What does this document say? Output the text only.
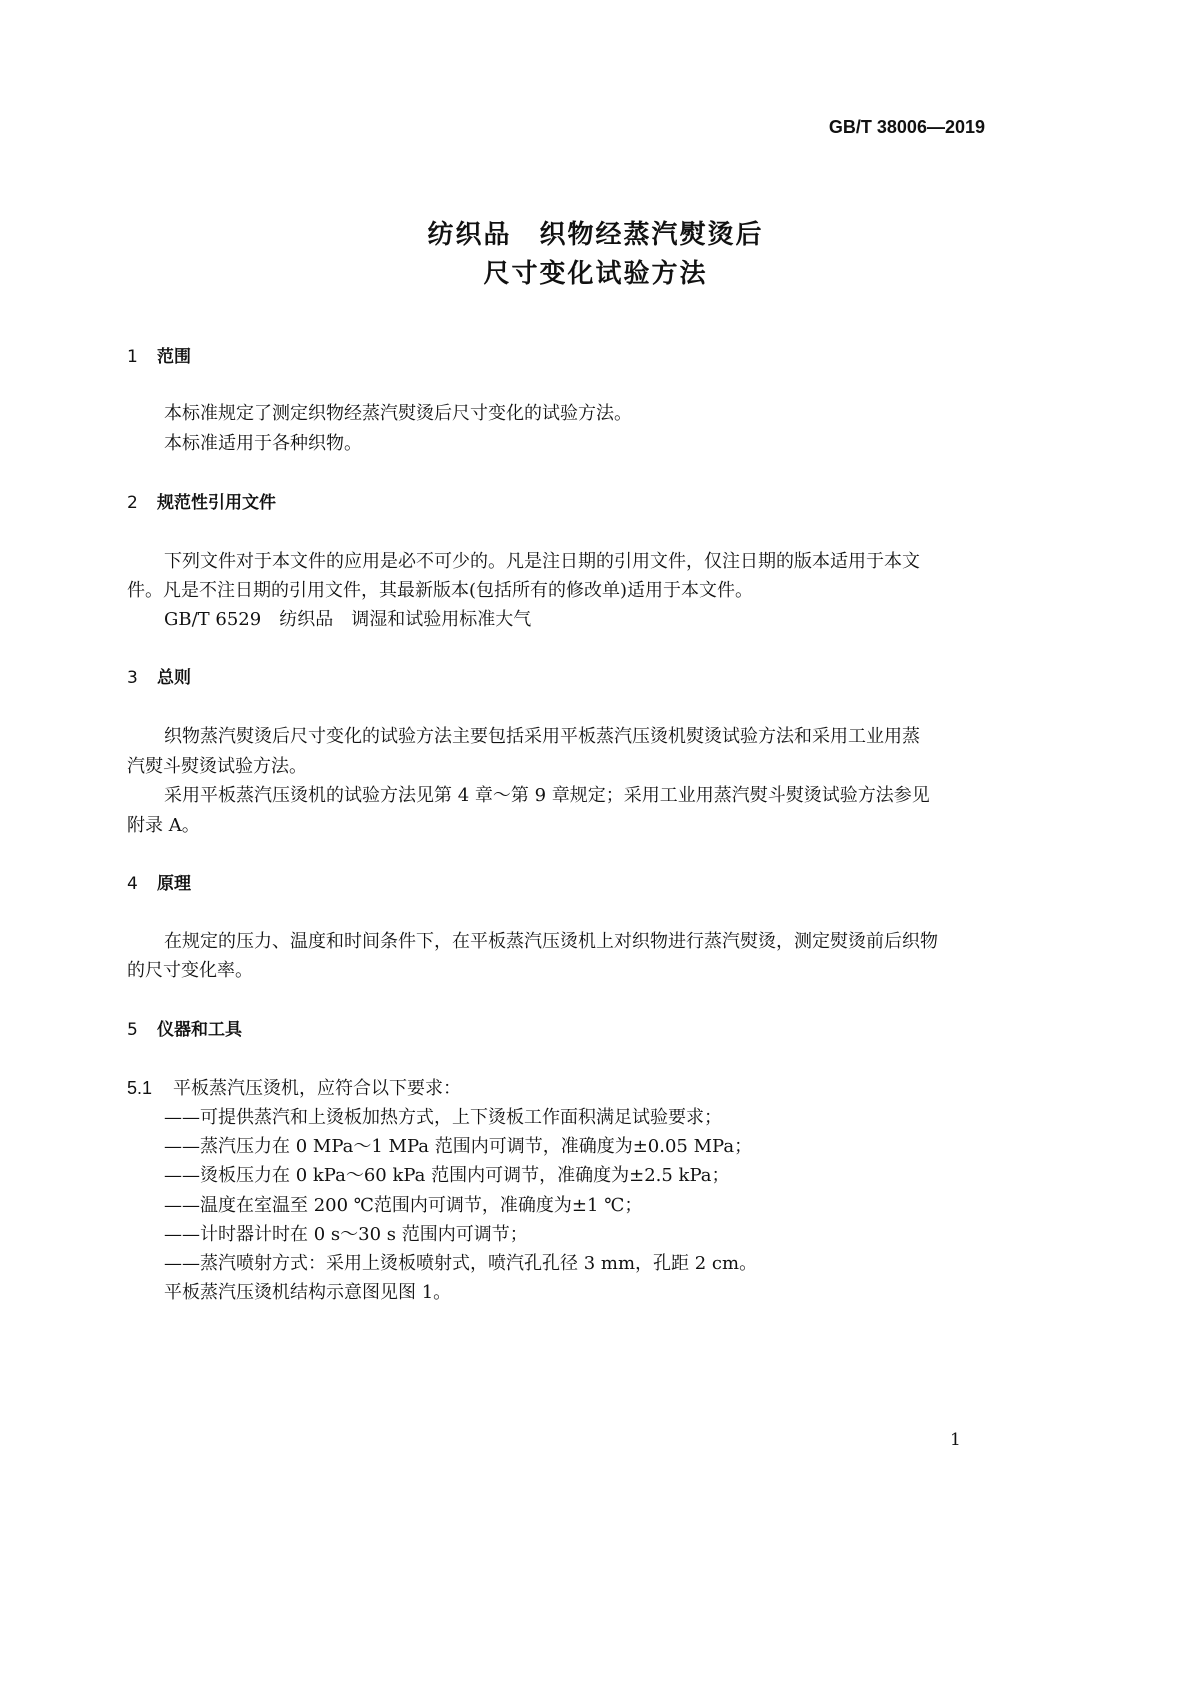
GB/T 38006—2019
纺织品　织物经蒸汽熨烫后
尺寸变化试验方法
1 范围
本标准规定了测定织物经蒸汽熨烫后尺寸变化的试验方法。
本标准适用于各种织物。
2 规范性引用文件
下列文件对于本文件的应用是必不可少的。凡是注日期的引用文件，仅注日期的版本适用于本文
件。凡是不注日期的引用文件，其最新版本(包括所有的修改单)适用于本文件。
GB/T 6529　纺织品　调湿和试验用标准大气
3 总则
织物蒸汽熨烫后尺寸变化的试验方法主要包括采用平板蒸汽压烫机熨烫试验方法和采用工业用蒸
汽熨斗熨烫试验方法。
采用平板蒸汽压烫机的试验方法见第 4 章～第 9 章规定；采用工业用蒸汽熨斗熨烫试验方法参见
附录 A。
4 原理
在规定的压力、温度和时间条件下，在平板蒸汽压烫机上对织物进行蒸汽熨烫，测定熨烫前后织物
的尺寸变化率。
5 仪器和工具
5.1 平板蒸汽压烫机，应符合以下要求：
——可提供蒸汽和上烫板加热方式，上下烫板工作面积满足试验要求；
——蒸汽压力在 0 MPa～1 MPa 范围内可调节，准确度为±0.05 MPa；
——烫板压力在 0 kPa～60 kPa 范围内可调节，准确度为±2.5 kPa；
——温度在室温至 200 ℃范围内可调节，准确度为±1 ℃；
——计时器计时在 0 s～30 s 范围内可调节；
——蒸汽喷射方式：采用上烫板喷射式，喷汽孔孔径 3 mm，孔距 2 cm。
平板蒸汽压烫机结构示意图见图 1。
1
